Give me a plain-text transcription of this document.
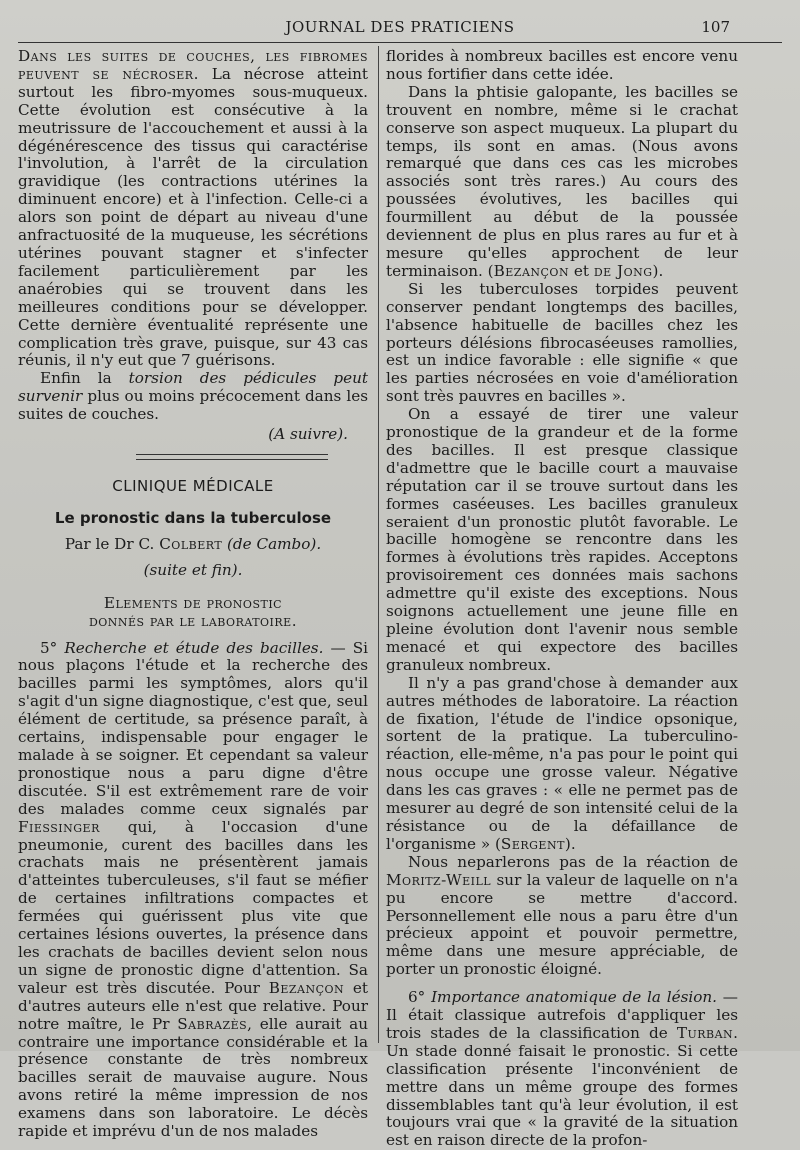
JOURNAL DES PRATICIENS	107

Dans les suites de couches, les fibromes peuvent se nécroser. La nécrose atteint surtout les fibro-myomes sous-muqueux. Cette évolution est consécutive à la meutrissure de l'accouchement et aussi à la dégénérescence des tissus qui caractérise l'involution, à l'arrêt de la circulation gravidique (les contractions utérines la diminuent encore) et à l'infection. Celle-ci a alors son point de départ au niveau d'une anfractuosité de la muqueuse, les sécrétions utérines pouvant stagner et s'infecter facilement particulièrement par les anaérobies qui se trouvent dans les meilleures conditions pour se développer. Cette dernière éventualité représente une complication très grave, puisque, sur 43 cas réunis, il n'y eut que 7 guérisons.

Enfin la torsion des pédicules peut survenir plus ou moins précocement dans les suites de couches.

(A suivre).
CLINIQUE MÉDICALE
Le pronostic dans la tuberculose
Par le Dr C. Colbert (de Cambo).
(suite et fin).
Elements de pronostic
donnés par le laboratoire.

5° Recherche et étude des bacilles. — Si nous plaçons l'étude et la recherche des bacilles parmi les symptômes, alors qu'il s'agit d'un signe diagnostique, c'est que, seul élément de certitude, sa présence paraît, à certains, indispensable pour engager le malade à se soigner. Et cependant sa valeur pronostique nous a paru digne d'être discutée. S'il est extrêmement rare de voir des malades comme ceux signalés par Fiessinger qui, à l'occasion d'une pneumonie, curent des bacilles dans les crachats mais ne présentèrent jamais d'atteintes tuberculeuses, s'il faut se méfier de certaines infiltrations compactes et fermées qui guérissent plus vite que certaines lésions ouvertes, la présence dans les crachats de bacilles devient selon nous un signe de pronostic digne d'attention. Sa valeur est très discutée. Pour Bezançon et d'autres auteurs elle n'est que relative. Pour notre maître, le Pr Sabrazès, elle aurait au contraire une importance considérable et la présence constante de très nombreux bacilles serait de mauvaise augure. Nous avons retiré la même impression de nos examens dans son laboratoire. Le décès rapide et imprévu d'un de nos malades

florides à nombreux bacilles est encore venu nous fortifier dans cette idée.

Dans la phtisie galopante, les bacilles se trouvent en nombre, même si le crachat conserve son aspect muqueux. La plupart du temps, ils sont en amas. (Nous avons remarqué que dans ces cas les microbes associés sont très rares.) Au cours des poussées évolutives, les bacilles qui fourmillent au début de la poussée deviennent de plus en plus rares au fur et à mesure qu'elles approchent de leur terminaison. (Bezançon et de Jong).

Si les tuberculoses torpides peuvent conserver pendant longtemps des bacilles, l'absence habituelle de bacilles chez les porteurs délésions fibrocaséeuses ramollies, est un indice favorable : elle signifie « que les parties nécrosées en voie d'amélioration sont très pauvres en bacilles ».

On a essayé de tirer une valeur pronostique de la grandeur et de la forme des bacilles. Il est presque classique d'admettre que le bacille court a mauvaise réputation car il se trouve surtout dans les formes caséeuses. Les bacilles granuleux seraient d'un pronostic plutôt favorable. Le bacille homogène se rencontre dans les formes à évolutions très rapides. Acceptons provisoirement ces données mais sachons admettre qu'il existe des exceptions. Nous soignons actuellement une jeune fille en pleine évolution dont l'avenir nous semble menacé et qui expectore des bacilles granuleux nombreux.

Il n'y a pas grand'chose à demander aux autres méthodes de laboratoire. La réaction de fixation, l'étude de l'indice opsonique, sortent de la pratique. La tuberculino-réaction, elle-même, n'a pas pour le point qui nous occupe une grosse valeur. Négative dans les cas graves : « elle ne permet pas de mesurer au degré de son intensité celui de la résistance ou de la défaillance de l'organisme » (Sergent).

Nous neparlerons pas de la réaction de Moritz-Weill sur la valeur de laquelle on n'a pu encore se mettre d'accord. Personnellement elle nous a paru être d'un précieux appoint et pouvoir permettre, même dans une mesure appréciable, de porter un pronostic éloigné.

6° Importance anatomique de la lésion. — Il était classique autrefois d'appliquer les trois stades de la classification de Turban. Un stade donné faisait le pronostic. Si cette classification présente l'inconvénient de mettre dans un même groupe des formes dissemblables tant qu'à leur évolution, il est toujours vrai que « la gravité de la situation est en raison directe de la profon-
